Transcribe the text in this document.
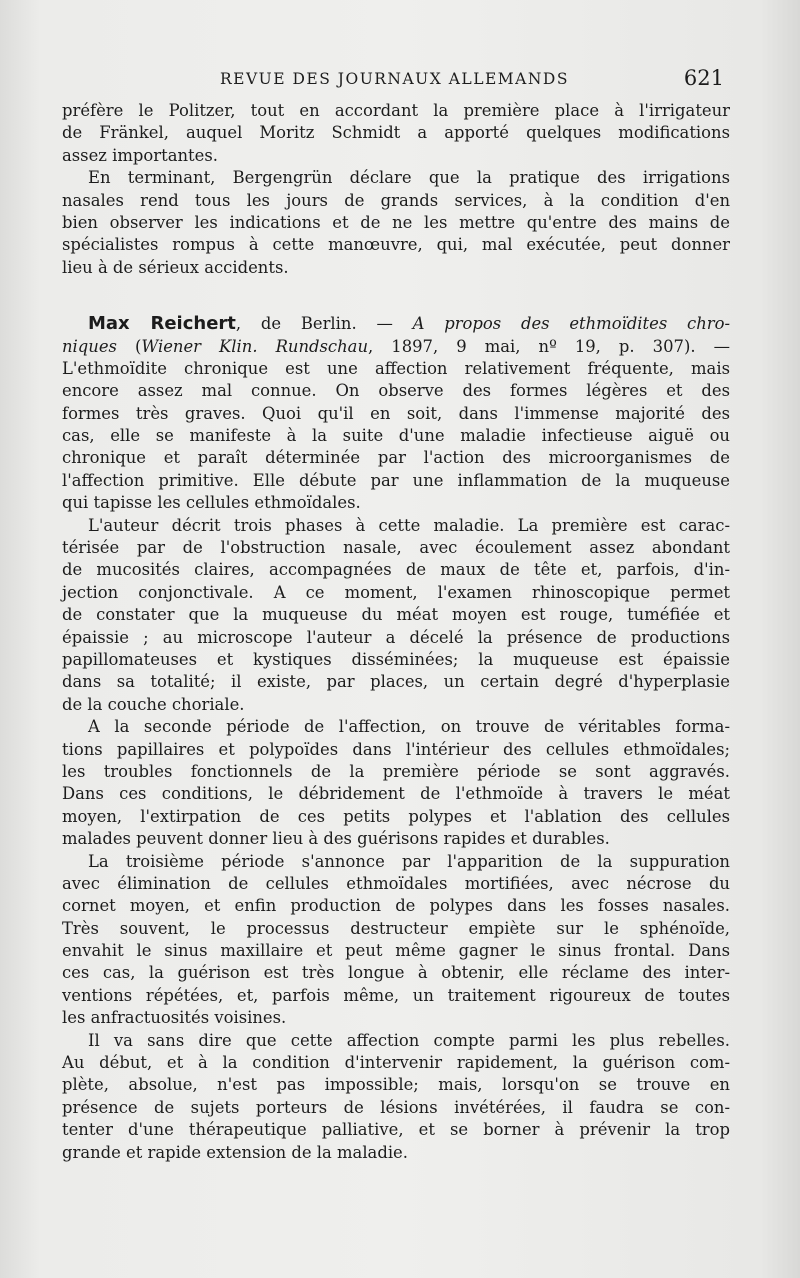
REVUE DES JOURNAUX ALLEMANDS	621
préfère le Politzer, tout en accordant la première place à l'irrigateur
de Fränkel, auquel Moritz Schmidt a apporté quelques modifications
assez importantes.
En terminant, Bergengrün déclare que la pratique des irrigations
nasales rend tous les jours de grands services, à la condition d'en
bien observer les indications et de ne les mettre qu'entre des mains de
spécialistes rompus à cette manœuvre, qui, mal exécutée, peut donner
lieu à de sérieux accidents.
Max Reichert, de Berlin. — A propos des ethmoïdites chro-
niques (Wiener Klin. Rundschau, 1897, 9 mai, nº 19, p. 307). —
L'ethmoïdite chronique est une affection relativement fréquente, mais
encore assez mal connue. On observe des formes légères et des
formes très graves. Quoi qu'il en soit, dans l'immense majorité des
cas, elle se manifeste à la suite d'une maladie infectieuse aiguë ou
chronique et paraît déterminée par l'action des microorganismes de
l'affection primitive. Elle débute par une inflammation de la muqueuse
qui tapisse les cellules ethmoïdales.
L'auteur décrit trois phases à cette maladie. La première est carac-
térisée par de l'obstruction nasale, avec écoulement assez abondant
de mucosités claires, accompagnées de maux de tête et, parfois, d'in-
jection conjonctivale. A ce moment, l'examen rhinoscopique permet
de constater que la muqueuse du méat moyen est rouge, tuméfiée et
épaissie ; au microscope l'auteur a décelé la présence de productions
papillomateuses et kystiques disséminées; la muqueuse est épaissie
dans sa totalité; il existe, par places, un certain degré d'hyperplasie
de la couche choriale.
A la seconde période de l'affection, on trouve de véritables forma-
tions papillaires et polypoïdes dans l'intérieur des cellules ethmoïdales;
les troubles fonctionnels de la première période se sont aggravés.
Dans ces conditions, le débridement de l'ethmoïde à travers le méat
moyen, l'extirpation de ces petits polypes et l'ablation des cellules
malades peuvent donner lieu à des guérisons rapides et durables.
La troisième période s'annonce par l'apparition de la suppuration
avec élimination de cellules ethmoïdales mortifiées, avec nécrose du
cornet moyen, et enfin production de polypes dans les fosses nasales.
Très souvent, le processus destructeur empiète sur le sphénoïde,
envahit le sinus maxillaire et peut même gagner le sinus frontal. Dans
ces cas, la guérison est très longue à obtenir, elle réclame des inter-
ventions répétées, et, parfois même, un traitement rigoureux de toutes
les anfractuosités voisines.
Il va sans dire que cette affection compte parmi les plus rebelles.
Au début, et à la condition d'intervenir rapidement, la guérison com-
plète, absolue, n'est pas impossible; mais, lorsqu'on se trouve en
présence de sujets porteurs de lésions invétérées, il faudra se con-
tenter d'une thérapeutique palliative, et se borner à prévenir la trop
grande et rapide extension de la maladie.
